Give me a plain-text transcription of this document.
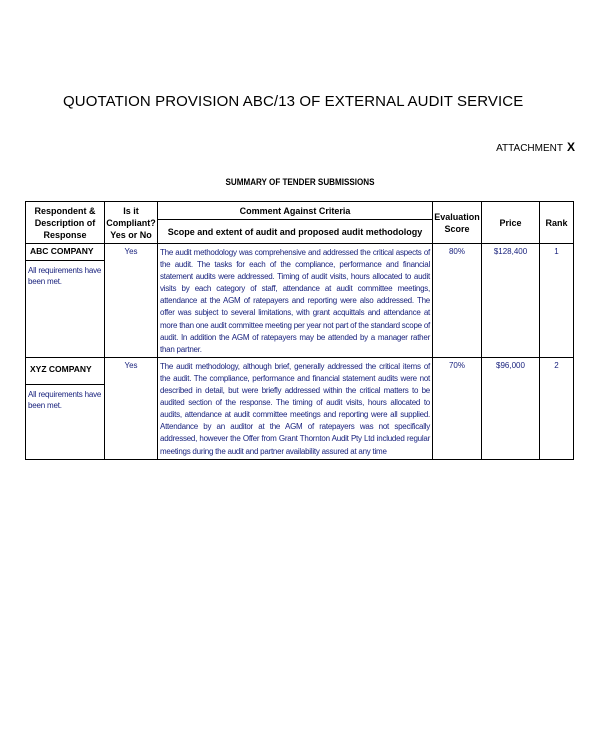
QUOTATION PROVISION ABC/13 OF EXTERNAL AUDIT SERVICE
ATTACHMENT X
SUMMARY OF TENDER SUBMISSIONS
Respondent & Description of Response	Is it Compliant? Yes or No	Comment Against Criteria	Evaluation Score	Price	Rank
		Scope and extent of audit and proposed audit methodology			

ABC COMPANY
All requirements have been met.	Yes	The audit methodology was comprehensive and addressed the critical aspects of the audit. The tasks for each of the compliance, performance and financial statement audits were addressed. Timing of audit visits, hours allocated to audit visits by each category of staff, attendance at audit committee meetings, attendance at the AGM of ratepayers and reporting were also addressed. The offer was subject to several limitations, with grant acquittals and attendance at more than one audit committee meeting per year not part of the standard scope of audit. In addition the AGM of ratepayers may be attended by a manager rather than partner.	80%	$128,400	1

XYZ COMPANY
All requirements have been met.	Yes	The audit methodology, although brief, generally addressed the critical items of the audit. The compliance, performance and financial statement audits were not described in detail, but were briefly addressed within the critical matters to be audited section of the response. The timing of audit visits, hours allocated to audits, attendance at audit committee meetings and reporting were all supplied. Attendance by an auditor at the AGM of ratepayers was not specifically addressed, however the Offer from Grant Thornton Audit Pty Ltd included regular meetings during the audit and partner availability assured at any time	70%	$96,000	2
